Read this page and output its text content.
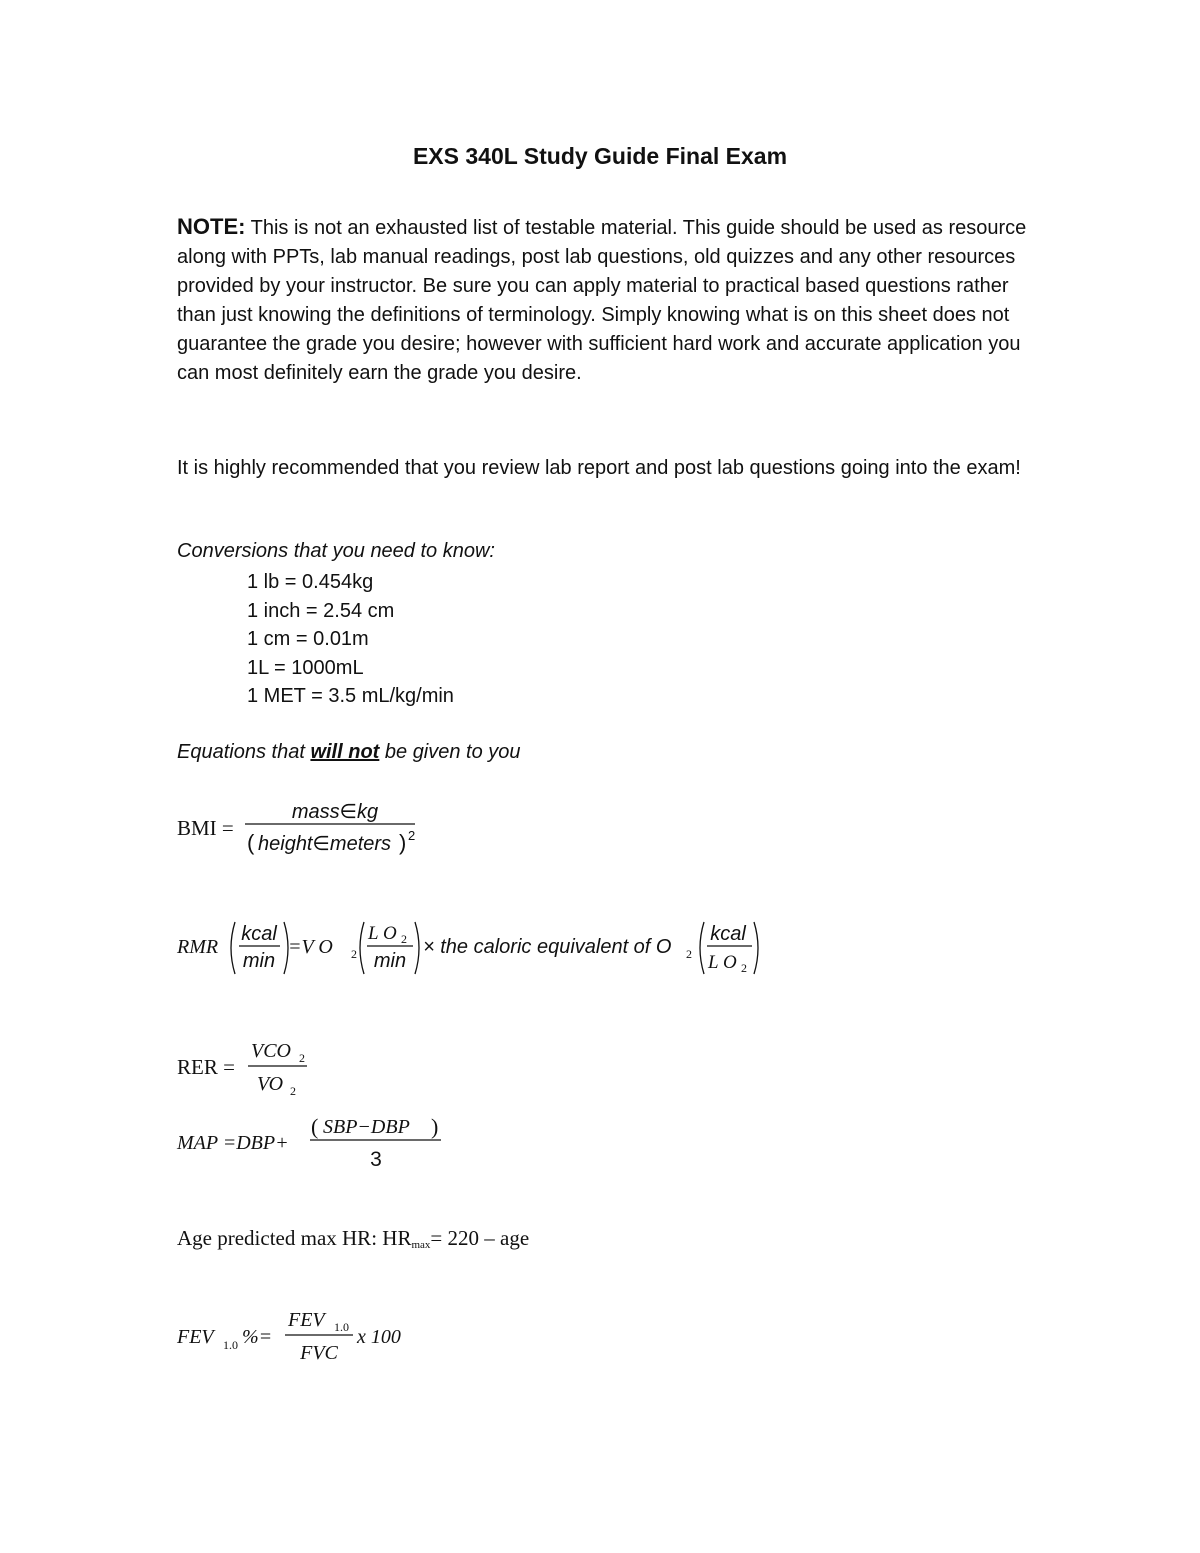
EXS 340L Study Guide Final Exam
NOTE: This is not an exhausted list of testable material. This guide should be used as resource along with PPTs, lab manual readings, post lab questions, old quizzes and any other resources provided by your instructor. Be sure you can apply material to practical based questions rather than just knowing the definitions of terminology. Simply knowing what is on this sheet does not guarantee the grade you desire; however with sufficient hard work and accurate application you can most definitely earn the grade you desire.
It is highly recommended that you review lab report and post lab questions going into the exam!
Conversions that you need to know:
1 lb = 0.454kg
1 inch = 2.54 cm
1 cm = 0.01m
1L = 1000mL
1 MET = 3.5 mL/kg/min
Equations that will not be given to you
BMI =
mass∈kg
( height∈meters ) 2
RMR
kcal
min
=V O 2
L O 2
min
× the caloric equivalent of O 2
kcal
L O 2
RER =
VCO 2
VO 2
MAP =DBP+
( SBP−DBP )
3
Age predicted max HR: $HR_{max}= 220$ – age
FEV 1.0 %=
FEV 1.0
FVC
x 100
